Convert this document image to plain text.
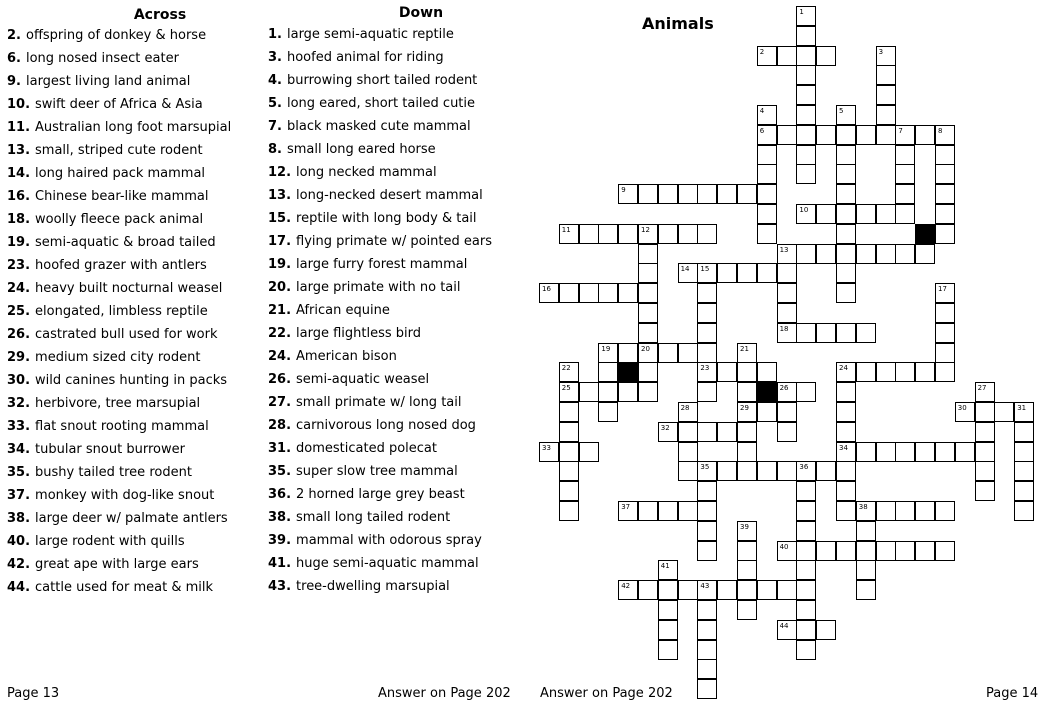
Across	Down
2. offspring of donkey & horse
6. long nosed insect eater
9. largest living land animal
10. swift deer of Africa & Asia
11. Australian long foot marsupial
13. small, striped cute rodent
14. long haired pack mammal
16. Chinese bear-like mammal
18. woolly fleece pack animal
19. semi-aquatic & broad tailed
23. hoofed grazer with antlers
24. heavy built nocturnal weasel
25. elongated, limbless reptile
26. castrated bull used for work
29. medium sized city rodent
30. wild canines hunting in packs
32. herbivore, tree marsupial
33. flat snout rooting mammal
34. tubular snout burrower
35. bushy tailed tree rodent
37. monkey with dog-like snout
38. large deer w/ palmate antlers
40. large rodent with quills
42. great ape with large ears
44. cattle used for meat & milk
1. large semi-aquatic reptile
3. hoofed animal for riding
4. burrowing short tailed rodent
5. long eared, short tailed cutie
7. black masked cute mammal
8. small long eared horse
12. long necked mammal
13. long-necked desert mammal
15. reptile with long body & tail
17. flying primate w/ pointed ears
19. large furry forest mammal
20. large primate with no tail
21. African equine
22. large flightless bird
24. American bison
26. semi-aquatic weasel
27. small primate w/ long tail
28. carnivorous long nosed dog
31. domesticated polecat
35. super slow tree mammal
36. 2 horned large grey beast
38. small long tailed rodent
39. mammal with odorous spray
41. huge semi-aquatic mammal
43. tree-dwelling marsupial
Page 13	Answer on Page 202
Animals
1
2	3
4
6
5
7	8
9
10
11	12
20
13
18
14 15
23
16	17
19	21
29
22
25
24
34
26	27
28	30	31
32
33
35	36
37	38
39
40
41
42	43
44
Answer on Page 202	Page 14
